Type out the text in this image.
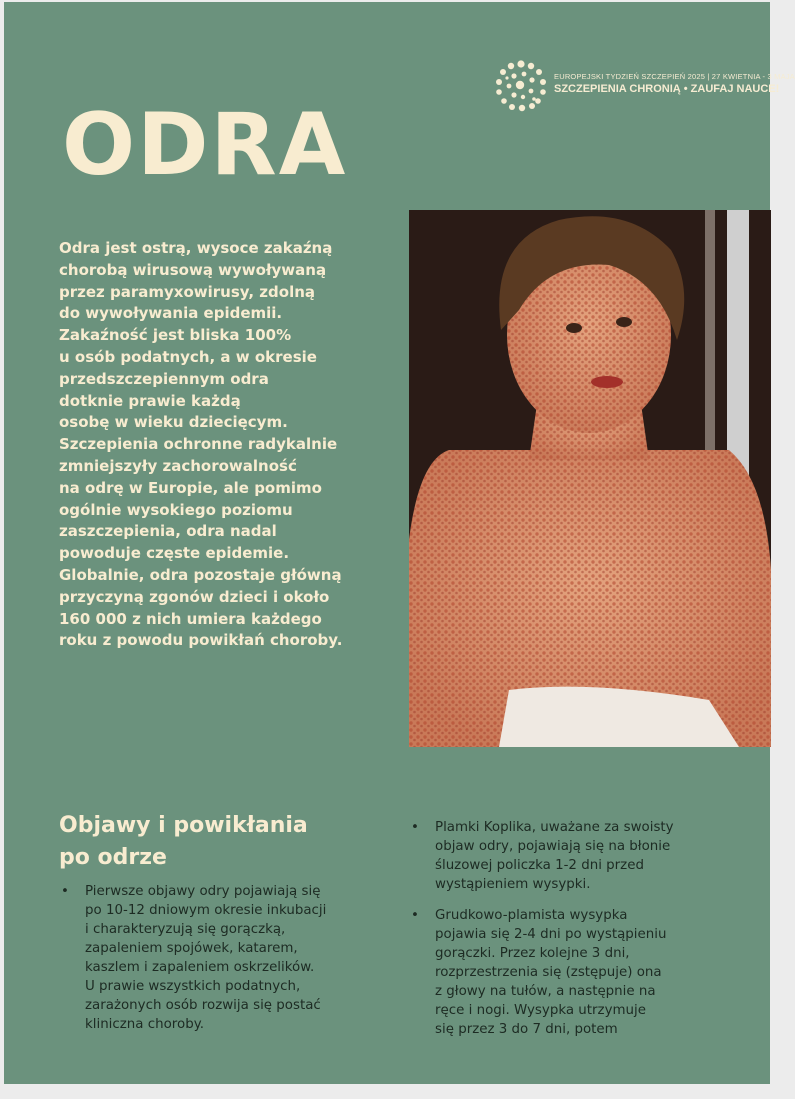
EUROPEJSKI TYDZIEŃ SZCZEPIEŃ 2025 | 27 KWIETNIA - 3 MAJA
SZCZEPIENIA CHRONIĄ • ZAUFAJ NAUCE!
ODRA
Odra jest ostrą, wysoce zakaźną
chorobą wirusową wywoływaną
przez paramyxowirusy, zdolną
do wywoływania epidemii.
Zakaźność jest bliska 100%
u osób podatnych, a w okresie
przedszczepiennym odra
dotknie prawie każdą
osobę w wieku dziecięcym.
Szczepienia ochronne radykalnie
zmniejszyły zachorowalność
na odrę w Europie, ale pomimo
ogólnie wysokiego poziomu
zaszczepienia, odra nadal
powoduje częste epidemie.
Globalnie, odra pozostaje główną
przyczyną zgonów dzieci i około
160 000 z nich umiera każdego
roku z powodu powikłań choroby.
Objawy i powikłania
po odrze
• Pierwsze objawy odry pojawiają się
po 10-12 dniowym okresie inkubacji
i charakteryzują się gorączką,
zapaleniem spojówek, katarem,
kaszlem i zapaleniem oskrzelików.
U prawie wszystkich podatnych,
zarażonych osób rozwija się postać
kliniczna choroby.
• Plamki Koplika, uważane za swoisty
objaw odry, pojawiają się na błonie
śluzowej policzka 1-2 dni przed
wystąpieniem wysypki.
• Grudkowo-plamista wysypka
pojawia się 2-4 dni po wystąpieniu
gorączki. Przez kolejne 3 dni,
rozprzestrzenia się (zstępuje) ona
z głowy na tułów, a następnie na
ręce i nogi. Wysypka utrzymuje
się przez 3 do 7 dni, potem
